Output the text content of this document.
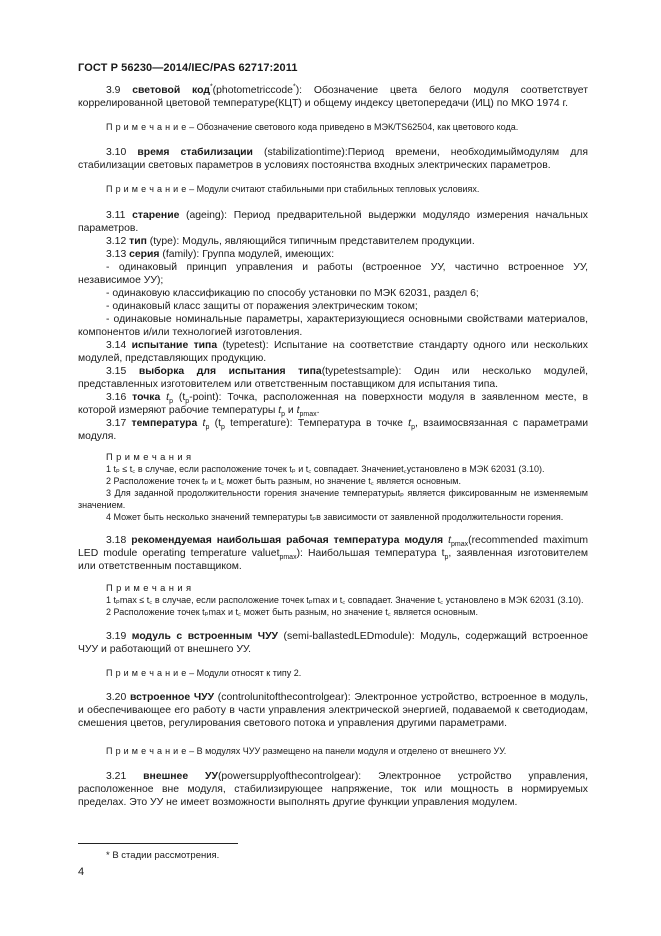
ГОСТ Р 56230—2014/IEC/PAS 62717:2011

3.9 световой код*(photometriccode*): Обозначение цвета белого модуля соответствует коррелированной цветовой температуре(КЦТ) и общему индексу цветопередачи (ИЦ) по МКО 1974 г.

П р и м е ч а н и е – Обозначение светового кода приведено в МЭК/TS62504, как цветового кода.

3.10 время стабилизации (stabilizationtime):Период времени, необходимыймодулям для стабилизации световых параметров в условиях постоянства входных электрических параметров.

П р и м е ч а н и е – Модули считают стабильными при стабильных тепловых условиях.

3.11 старение (ageing): Период предварительной выдержки модуляд​о измерения начальных параметров.

3.12 тип (type): Модуль, являющийся типичным представителем продукции.

3.13 серия (family): Группа модулей, имеющих:

- одинаковый принцип управления и работы (встроенное УУ, частично встроенное УУ, независимое УУ);

- одинаковую классификацию по способу установки по МЭК 62031, раздел 6;

- одинаковый класс защиты от поражения электрическим током;

- одинаковые номинальные параметры, характеризующиеся основными свойствами материалов, компонентов и/или технологией изготовления.

3.14 испытание типа (typetest): Испытание на соответствие стандарту одного или нескольких модулей, представляющих продукцию.

3.15 выборка для испытания типа(typetestsample): Один или несколько модулей, представленных изготовителем или ответственным поставщиком для испытания типа.

3.16 точка $t_p$ $(t_p-point)$: Точка, расположенная на поверхности модуля в заявленном месте, в которой измеряют рабочие температуры $t_p$ и $t_{pmax}$.

3.17 температура $t_p$ ($t_p$ temperature): Температура в точке $t_p$, взаимосвязанная с параметрами модуля.

П р и м е ч а н и я

1 tₚ ≤ t꜀ в случае, если расположение точек tₚ и t꜀ совпадает. Значениеt꜀установлено в МЭК 62031 (3.10).

2 Расположение точек tₚ и t꜀ может быть разным, но значение t꜀ является основным.

3 Для заданной продолжительности горения значение температурыtₚ является фиксированным не изменяемым значением.

4 Может быть несколько значений температуры tₚв зависимости от заявленной продолжительности горения.

3.18 рекомендуемая наибольшая рабочая температура модуля $t_{pmax}(recommended$ maximum LED module operating temperature valuet$_{pmax}$): Наибольшая температура $t_p$, заявленная изготовителем или ответственным поставщиком.

П р и м е ч а н и я

1 tₚmax ≤ t꜀ в случае, если расположение точек tₚmax и t꜀ совпадает. Значение t꜀ установлено в МЭК 62031 (3.10).

2 Расположение точек tₚmax и t꜀ может быть разным, но значение t꜀ является основным.

3.19 модуль с встроенным ЧУУ (semi-ballastedLEDmodule): Модуль, содержащий встроенное ЧУУ и работающий от внешнего УУ.

П р и м е ч а н и е – Модули относят к типу 2.

3.20 встроенное ЧУУ (controlunitofthecontrolgear): Электронное устройство, встроенное в модуль, и обеспечивающее его работу в части управления электрической энергией, подаваемой к светодиодам, смешения цветов, регулирования светового потока и управления другими параметрами.

П р и м е ч а н и е – В модулях ЧУУ размещено на панели модуля и отделено от внешнего УУ.

3.21 внешнее УУ(powersupplyofthecontrolgear): Электронное устройство управления, расположенное вне модуля, стабилизирующее напряжение, ток или мощность в нормируемых пределах. Это УУ не имеет возможности выполнять другие функции управления модулем.

* В стадии рассмотрения.
4
